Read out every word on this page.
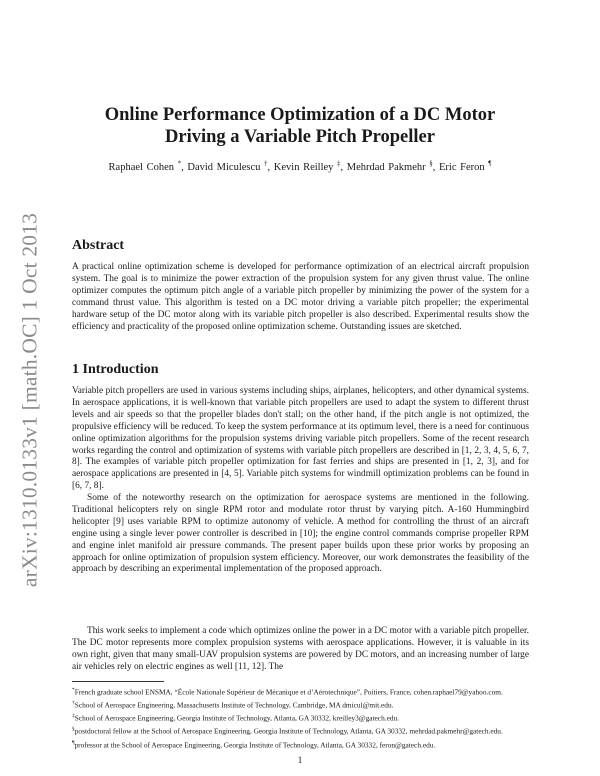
arXiv:1310.0133v1 [math.OC] 1 Oct 2013
Online Performance Optimization of a DC Motor
Driving a Variable Pitch Propeller
Raphael Cohen *, David Miculescu †, Kevin Reilley ‡, Mehrdad Pakmehr §, Eric Feron ¶
Abstract

A practical online optimization scheme is developed for performance optimization of an electrical aircraft propulsion system. The goal is to minimize the power extraction of the propulsion system for any given thrust value. The online optimizer computes the optimum pitch angle of a variable pitch propeller by minimizing the power of the system for a command thrust value. This algorithm is tested on a DC motor driving a variable pitch propeller; the experimental hardware setup of the DC motor along with its variable pitch propeller is also described. Experimental results show the efficiency and practicality of the proposed online optimization scheme. Outstanding issues are sketched.

1 Introduction

Variable pitch propellers are used in various systems including ships, airplanes, helicopters, and other dynamical systems. In aerospace applications, it is well-known that variable pitch propellers are used to adapt the system to different thrust levels and air speeds so that the propeller blades don't stall; on the other hand, if the pitch angle is not optimized, the propulsive efficiency will be reduced. To keep the system performance at its optimum level, there is a need for continuous online optimization algorithms for the propulsion systems driving variable pitch propellers. Some of the recent research works regarding the control and optimization of systems with variable pitch propellers are described in [1, 2, 3, 4, 5, 6, 7, 8]. The examples of variable pitch propeller optimization for fast ferries and ships are presented in [1, 2, 3], and for aerospace applications are presented in [4, 5]. Variable pitch systems for windmill optimization problems can be found in [6, 7, 8].

Some of the noteworthy research on the optimization for aerospace systems are mentioned in the following. Traditional helicopters rely on single RPM rotor and modulate rotor thrust by varying pitch. A-160 Hummingbird helicopter [9] uses variable RPM to optimize autonomy of vehicle. A method for controlling the thrust of an aircraft engine using a single lever power controller is described in [10]; the engine control commands comprise propeller RPM and engine inlet manifold air pressure commands. The present paper builds upon these prior works by proposing an approach for online optimization of propulsion system efficiency. Moreover, our work demonstrates the feasibility of the approach by describing an experimental implementation of the proposed approach.

This work seeks to implement a code which optimizes online the power in a DC motor with a variable pitch propeller. The DC motor represents more complex propulsion systems with aerospace applications. However, it is valuable in its own right, given that many small-UAV propulsion systems are powered by DC motors, and an increasing number of large air vehicles rely on electric engines as well [11, 12]. The

*French graduate school ENSMA, “École Nationale Supérieur de Mécanique et d’Aérotechnique”, Poitiers, France, cohen.raphael79@yahoo.com.

†School of Aerospace Engineering, Massachusetts Institute of Technology, Cambridge, MA dmicul@mit.edu.

‡School of Aerospace Engineering, Georgia Institute of Technology, Atlanta, GA 30332, kreilley3@gatech.edu.

§postdoctoral fellow at the School of Aerospace Engineering, Georgia Institute of Technology, Atlanta, GA 30332, mehrdad.pakmehr@gatech.edu.

¶professor at the School of Aerospace Engineering, Georgia Institute of Technology, Atlanta, GA 30332, feron@gatech.edu.

1
